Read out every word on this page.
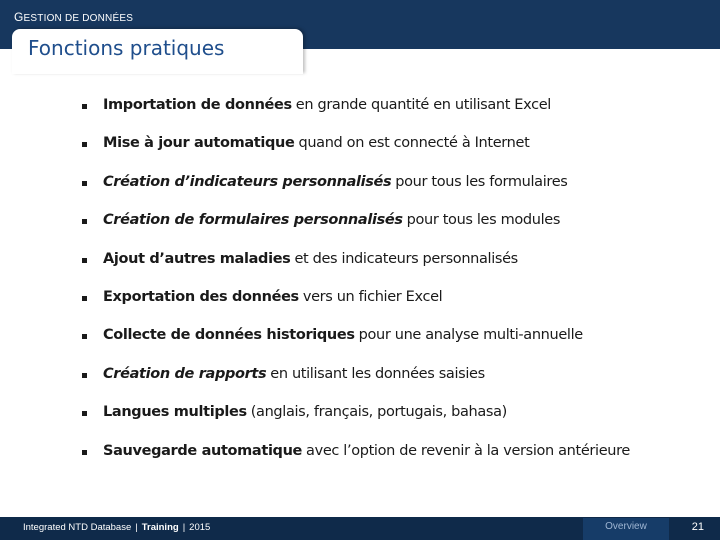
GESTION DE DONNÉES
Fonctions pratiques
Importation de données en grande quantité en utilisant Excel
Mise à jour automatique quand on est connecté à Internet
Création d’indicateurs personnalisés pour tous les formulaires
Création de formulaires personnalisés pour tous les modules
Ajout d’autres maladies et des indicateurs personnalisés
Exportation des données vers un fichier Excel
Collecte de données historiques pour une analyse multi-annuelle
Création de rapports en utilisant les données saisies
Langues multiples (anglais, français, portugais, bahasa)
Sauvegarde automatique avec l’option de revenir à la version antérieure
Integrated NTD Database | Training | 2015	Overview	21
